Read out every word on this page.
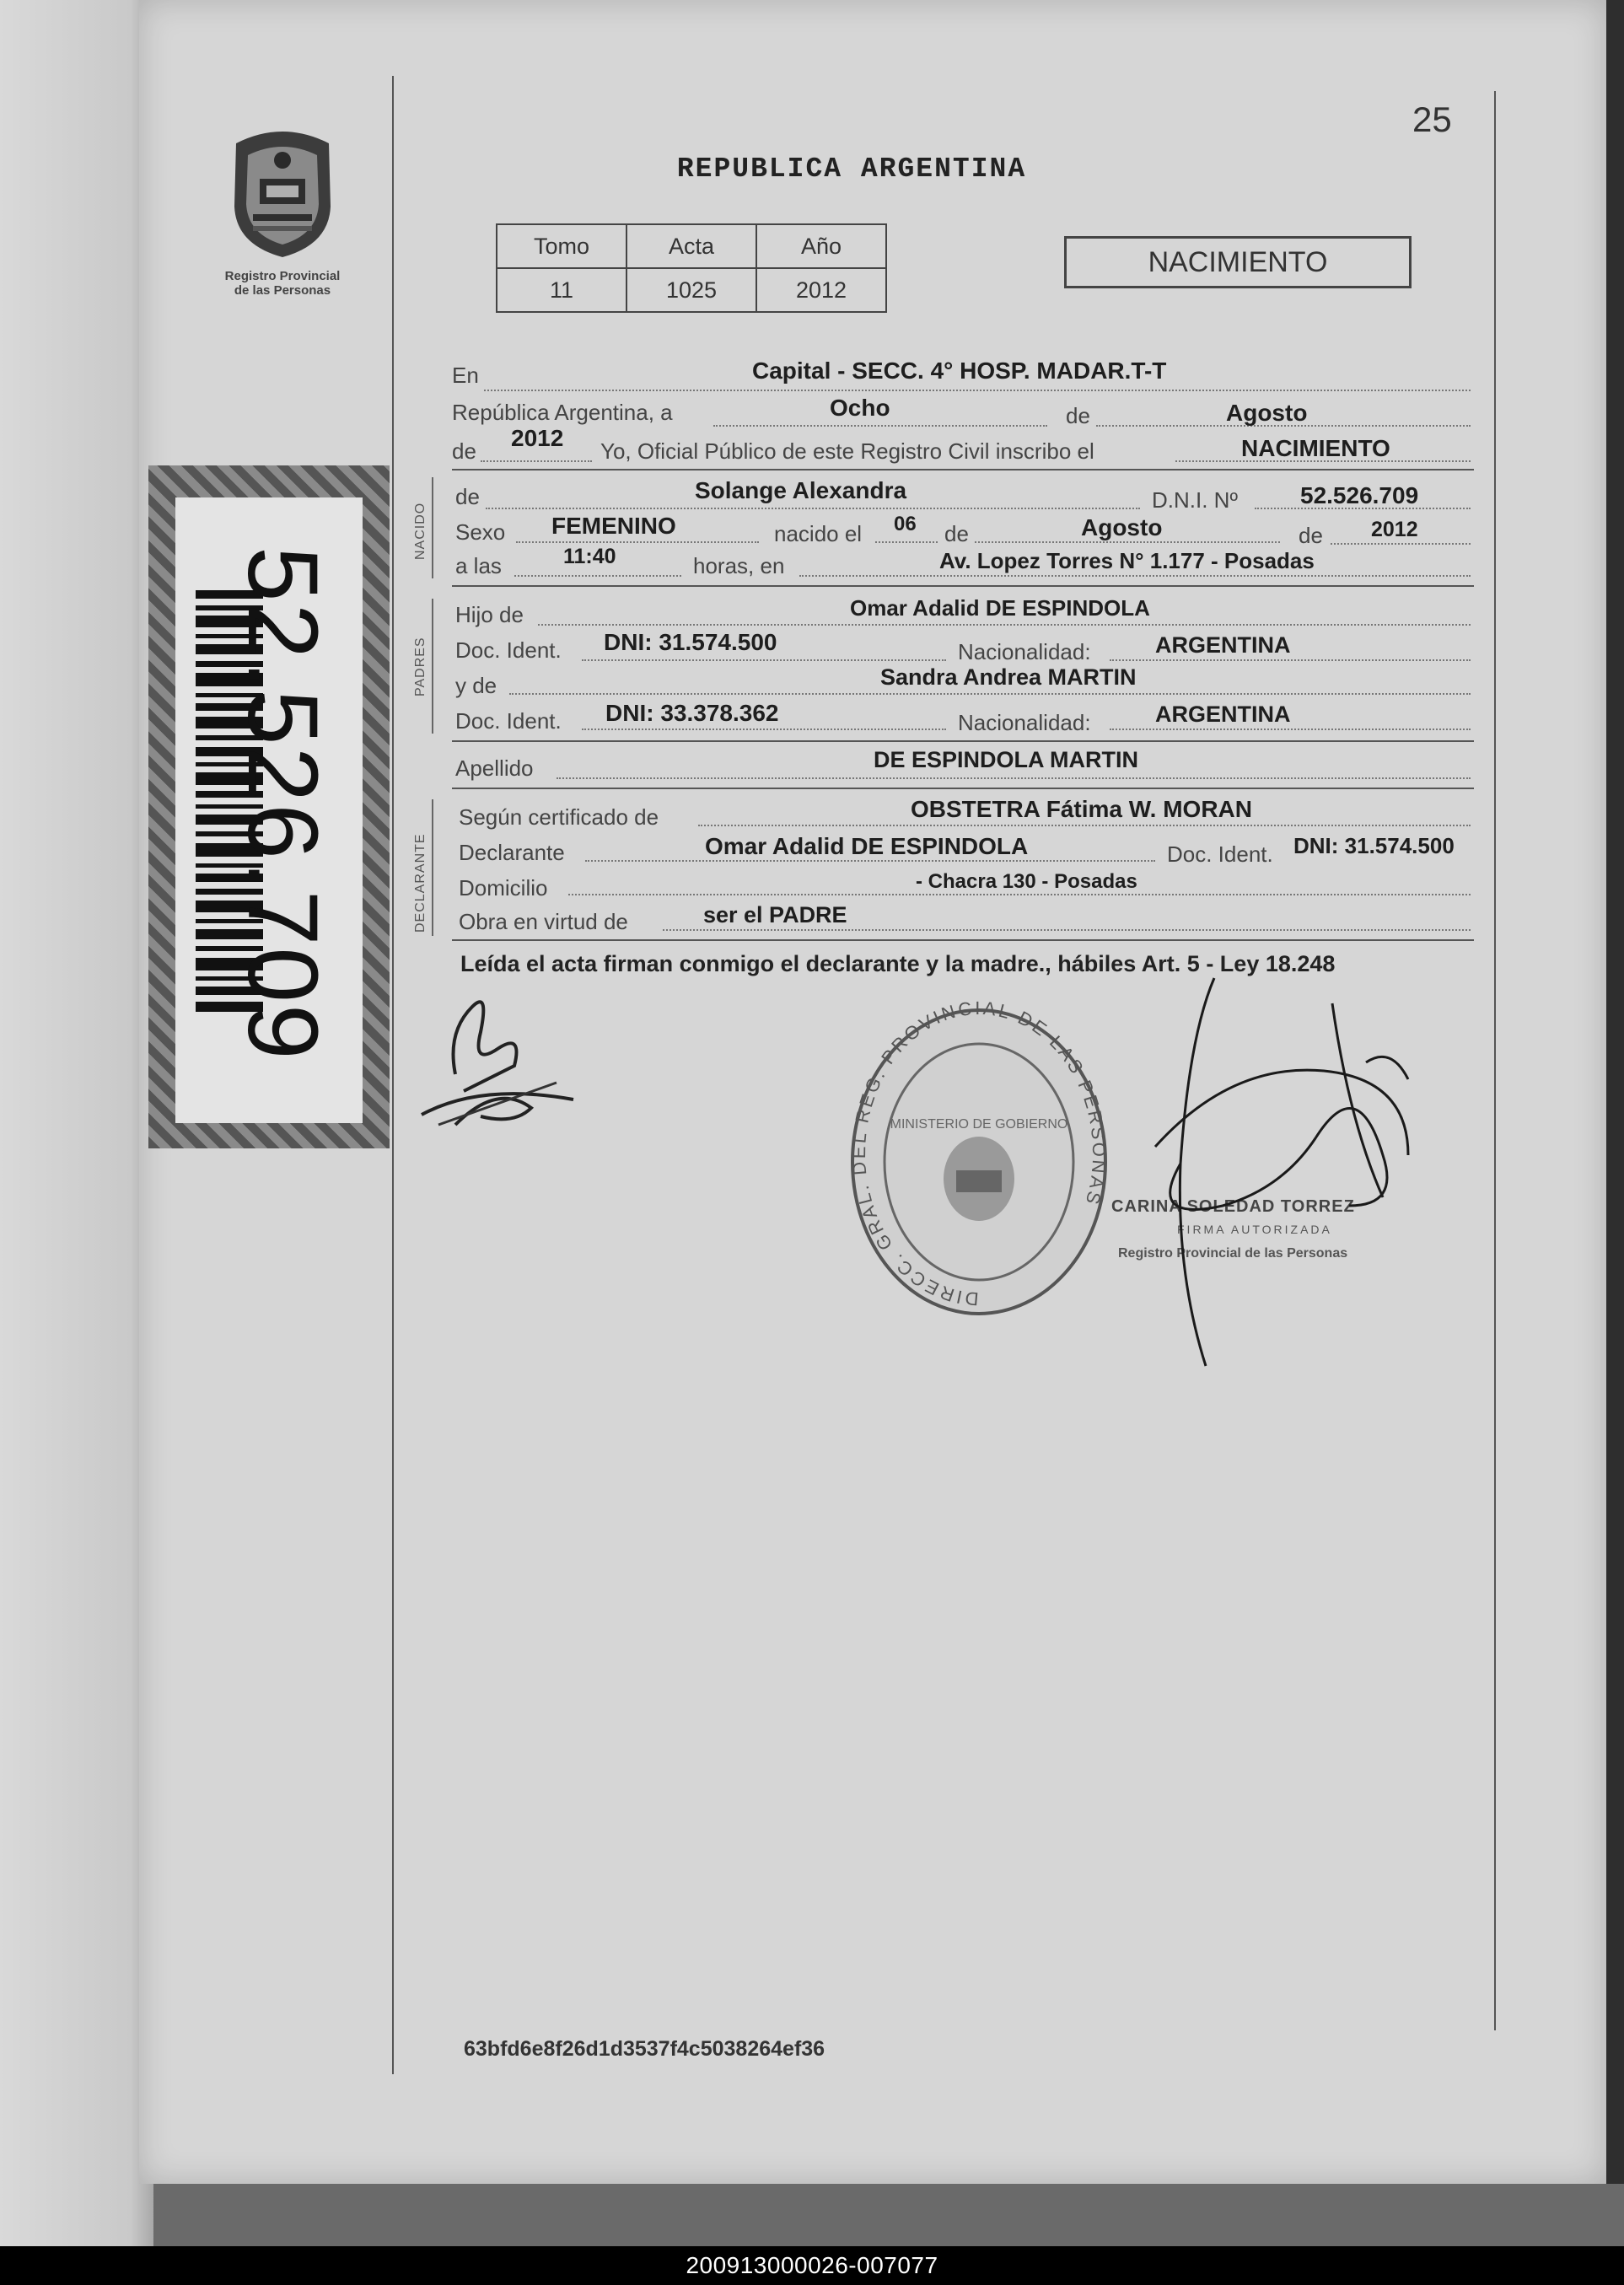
Registro Provincial
de las Personas
52.526.709
25
REPUBLICA ARGENTINA
Tomo	Acta	Año
11	1025	2012
NACIMIENTO
En	Capital - SECC. 4° HOSP. MADAR.T-T
República Argentina, a	Ocho	de	Agosto
de 2012 Yo, Oficial Público de este Registro Civil inscribo el	NACIMIENTO
NACIDO
de	Solange Alexandra	D.N.I. Nº	52.526.709
Sexo FEMENINO	nacido el 06 de	Agosto	de 2012
a las	11:40	horas, en	Av. Lopez Torres N° 1.177 - Posadas
PADRES
Hijo de	Omar Adalid DE ESPINDOLA
Doc. Ident. DNI: 31.574.500	Nacionalidad:	ARGENTINA
y de	Sandra Andrea MARTIN
Doc. Ident. DNI: 33.378.362	Nacionalidad:	ARGENTINA
Apellido	DE ESPINDOLA MARTIN
DECLARANTE
Según certificado de	OBSTETRA Fátima W. MORAN
Declarante	Omar Adalid DE ESPINDOLA	Doc. Ident. DNI: 31.574.500
Domicilio	- Chacra 130 - Posadas
Obra en virtud de	ser el PADRE
Leída el acta firman conmigo el declarante y la madre., hábiles Art. 5 - Ley 18.248
DIRECC. GRAL. DEL REG. PROVINCIAL DE LAS PERSONAS
MINISTERIO DE GOBIERNO
CARINA SOLEDAD TORREZ
FIRMA AUTORIZADA
Registro Provincial de las Personas
63bfd6e8f26d1d3537f4c5038264ef36
200913000026-007077
